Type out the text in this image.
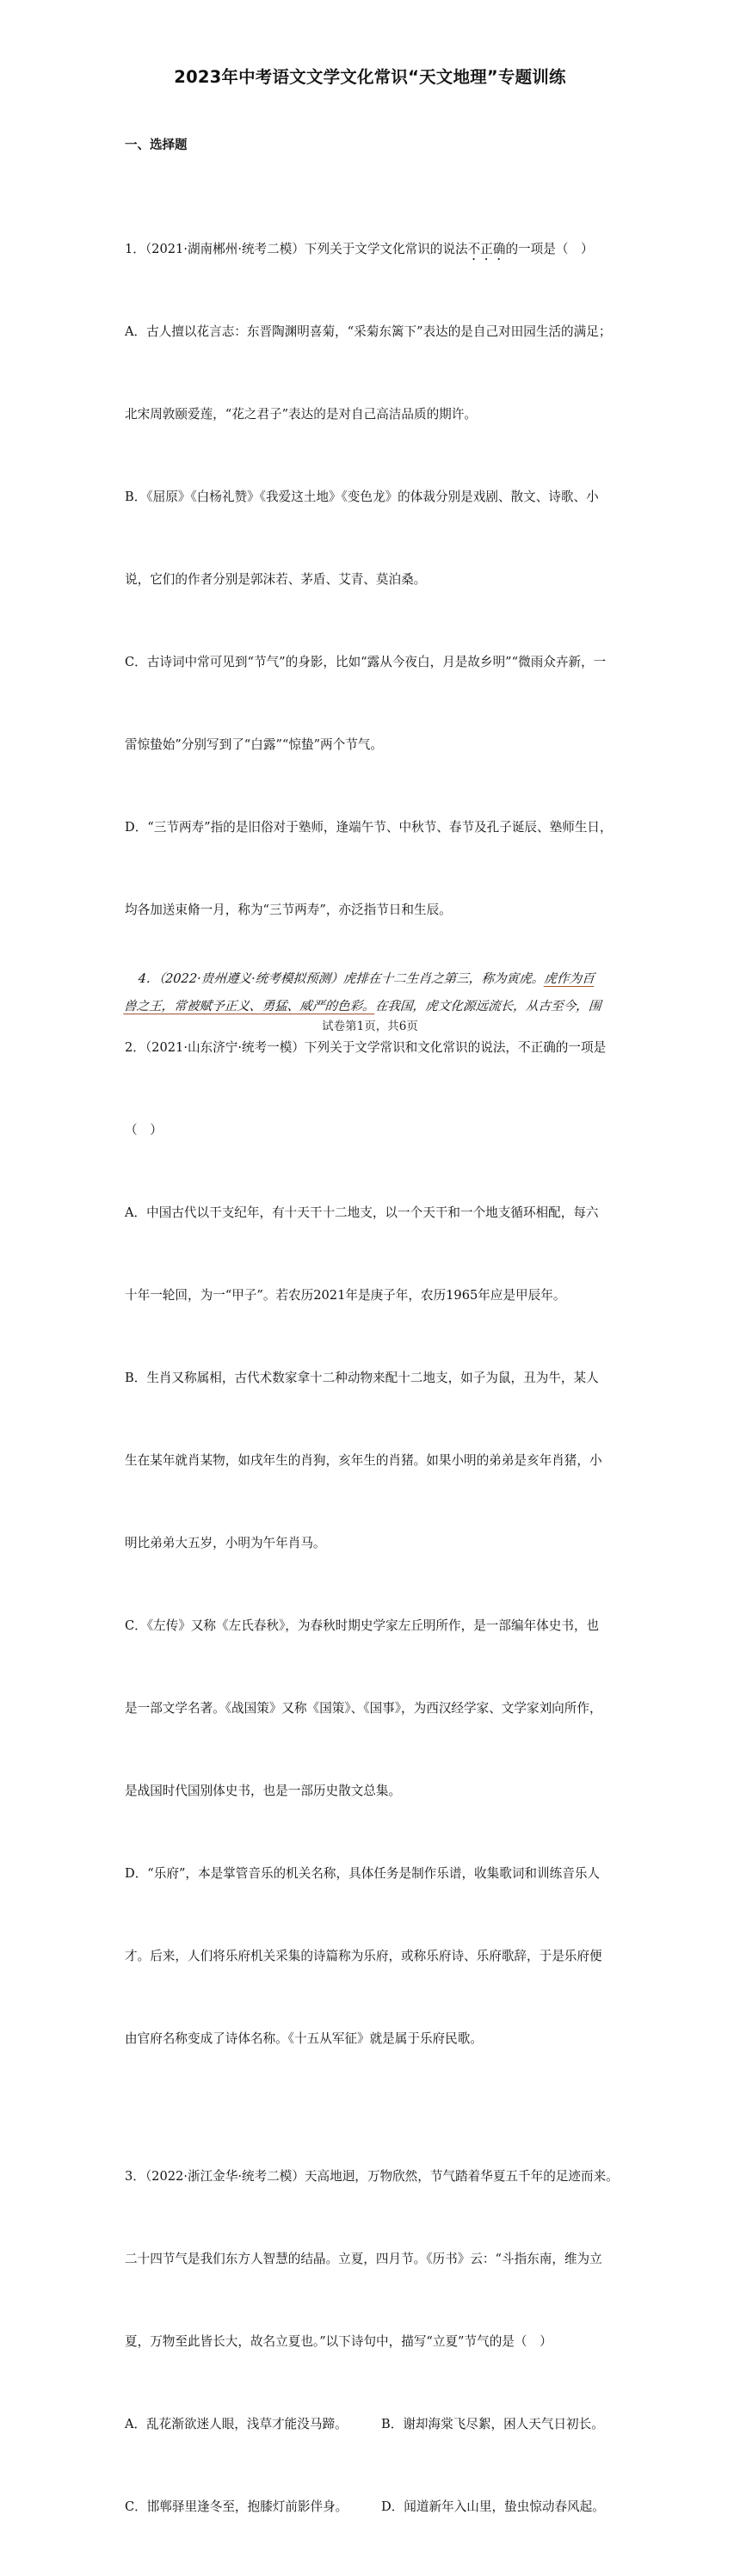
2023年中考语文文学文化常识“天文地理”专题训练
一、选择题

1．（2021·湖南郴州·统考二模）下列关于文学文化常识的说法不正确的一项是（　）

A．古人擅以花言志：东晋陶渊明喜菊，“采菊东篱下”表达的是自己对田园生活的满足；

北宋周敦颐爱莲，“花之君子”表达的是对自己高洁品质的期许。

B．《屈原》《白杨礼赞》《我爱这土地》《变色龙》的体裁分别是戏剧、散文、诗歌、小

说，它们的作者分别是郭沫若、茅盾、艾青、莫泊桑。

C．古诗词中常可见到“节气”的身影，比如“露从今夜白，月是故乡明”“微雨众卉新，一

雷惊蛰始”分别写到了“白露”“惊蛰”两个节气。

D．“三节两寿”指的是旧俗对于塾师，逢端午节、中秋节、春节及孔子诞辰、塾师生日，

均各加送束脩一月，称为“三节两寿”，亦泛指节日和生辰。

2．（2021·山东济宁·统考一模）下列关于文学常识和文化常识的说法，不正确的一项是

（　）

A．中国古代以干支纪年，有十天干十二地支，以一个天干和一个地支循环相配，每六

十年一轮回，为一“甲子”。若农历2021年是庚子年，农历1965年应是甲辰年。

B．生肖又称属相，古代术数家拿十二种动物来配十二地支，如子为鼠，丑为牛，某人

生在某年就肖某物，如戌年生的肖狗，亥年生的肖猪。如果小明的弟弟是亥年肖猪，小

明比弟弟大五岁，小明为午年肖马。

C．《左传》又称《左氏春秋》，为春秋时期史学家左丘明所作，是一部编年体史书，也

是一部文学名著。《战国策》又称《国策》、《国事》，为西汉经学家、文学家刘向所作，

是战国时代国别体史书，也是一部历史散文总集。

D．“乐府”，本是掌管音乐的机关名称，具体任务是制作乐谱，收集歌词和训练音乐人

才。后来，人们将乐府机关采集的诗篇称为乐府，或称乐府诗、乐府歌辞，于是乐府便

由官府名称变成了诗体名称。《十五从军征》就是属于乐府民歌。

3．（2022·浙江金华·统考二模）天高地迥，万物欣然，节气踏着华夏五千年的足迹而来。

二十四节气是我们东方人智慧的结晶。立夏，四月节。《历书》云：“斗指东南，维为立

夏，万物至此皆长大，故名立夏也。”以下诗句中，描写“立夏”节气的是（　）

A．乱花渐欲迷人眼，浅草才能没马蹄。	B．谢却海棠飞尽絮，困人天气日初长。

C．邯郸驿里逢冬至，抱膝灯前影伴身。	D．闻道新年入山里，蛰虫惊动春风起。

　4．（2022·贵州遵义·统考模拟预测）虎排在十二生肖之第三，称为寅虎。虎作为百
兽之王，常被赋予正义、勇猛、威严的色彩。在我国，虎文化源远流长，从古至今，围
试卷第1页，共6页
